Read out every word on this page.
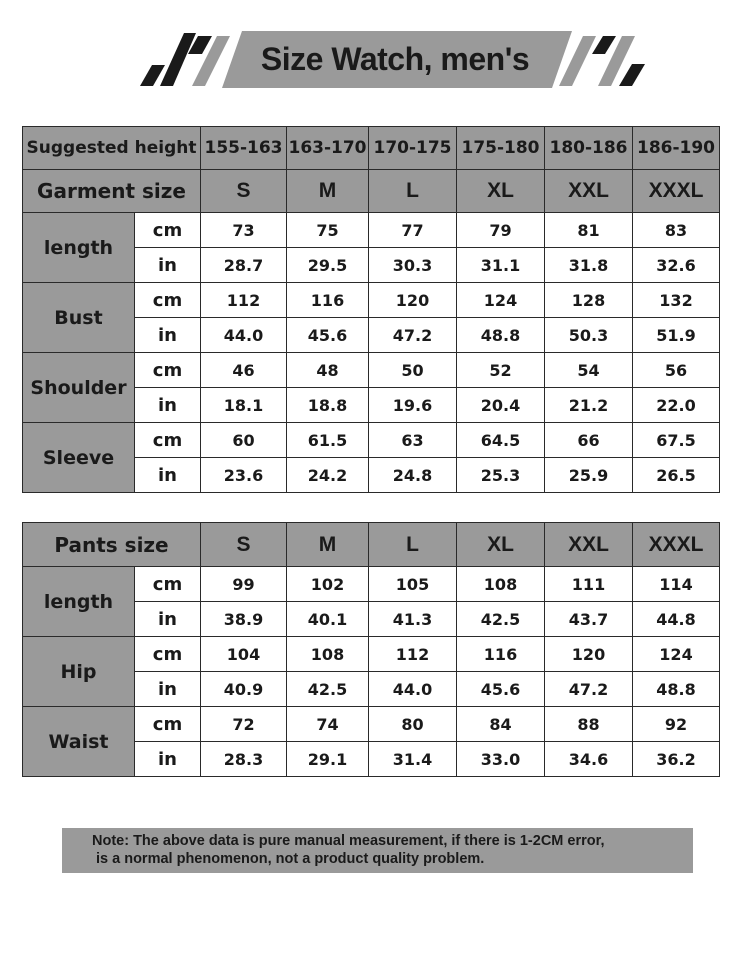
Size Watch, men's
Suggested height		155-163	163-170	170-175	175-180	180-186	186-190
Garment size		S	M	L	XL	XXL	XXXL
length	cm	73	75	77	79	81	83
	in	28.7	29.5	30.3	31.1	31.8	32.6
Bust	cm	112	116	120	124	128	132
	in	44.0	45.6	47.2	48.8	50.3	51.9
Shoulder	cm	46	48	50	52	54	56
	in	18.1	18.8	19.6	20.4	21.2	22.0
Sleeve	cm	60	61.5	63	64.5	66	67.5
	in	23.6	24.2	24.8	25.3	25.9	26.5
Pants size		S	M	L	XL	XXL	XXXL
length	cm	99	102	105	108	111	114
	in	38.9	40.1	41.3	42.5	43.7	44.8
Hip	cm	104	108	112	116	120	124
	in	40.9	42.5	44.0	45.6	47.2	48.8
Waist	cm	72	74	80	84	88	92
	in	28.3	29.1	31.4	33.0	34.6	36.2
Note: The above data is pure manual measurement, if there is 1-2CM error,
is a normal phenomenon, not a product quality problem.
